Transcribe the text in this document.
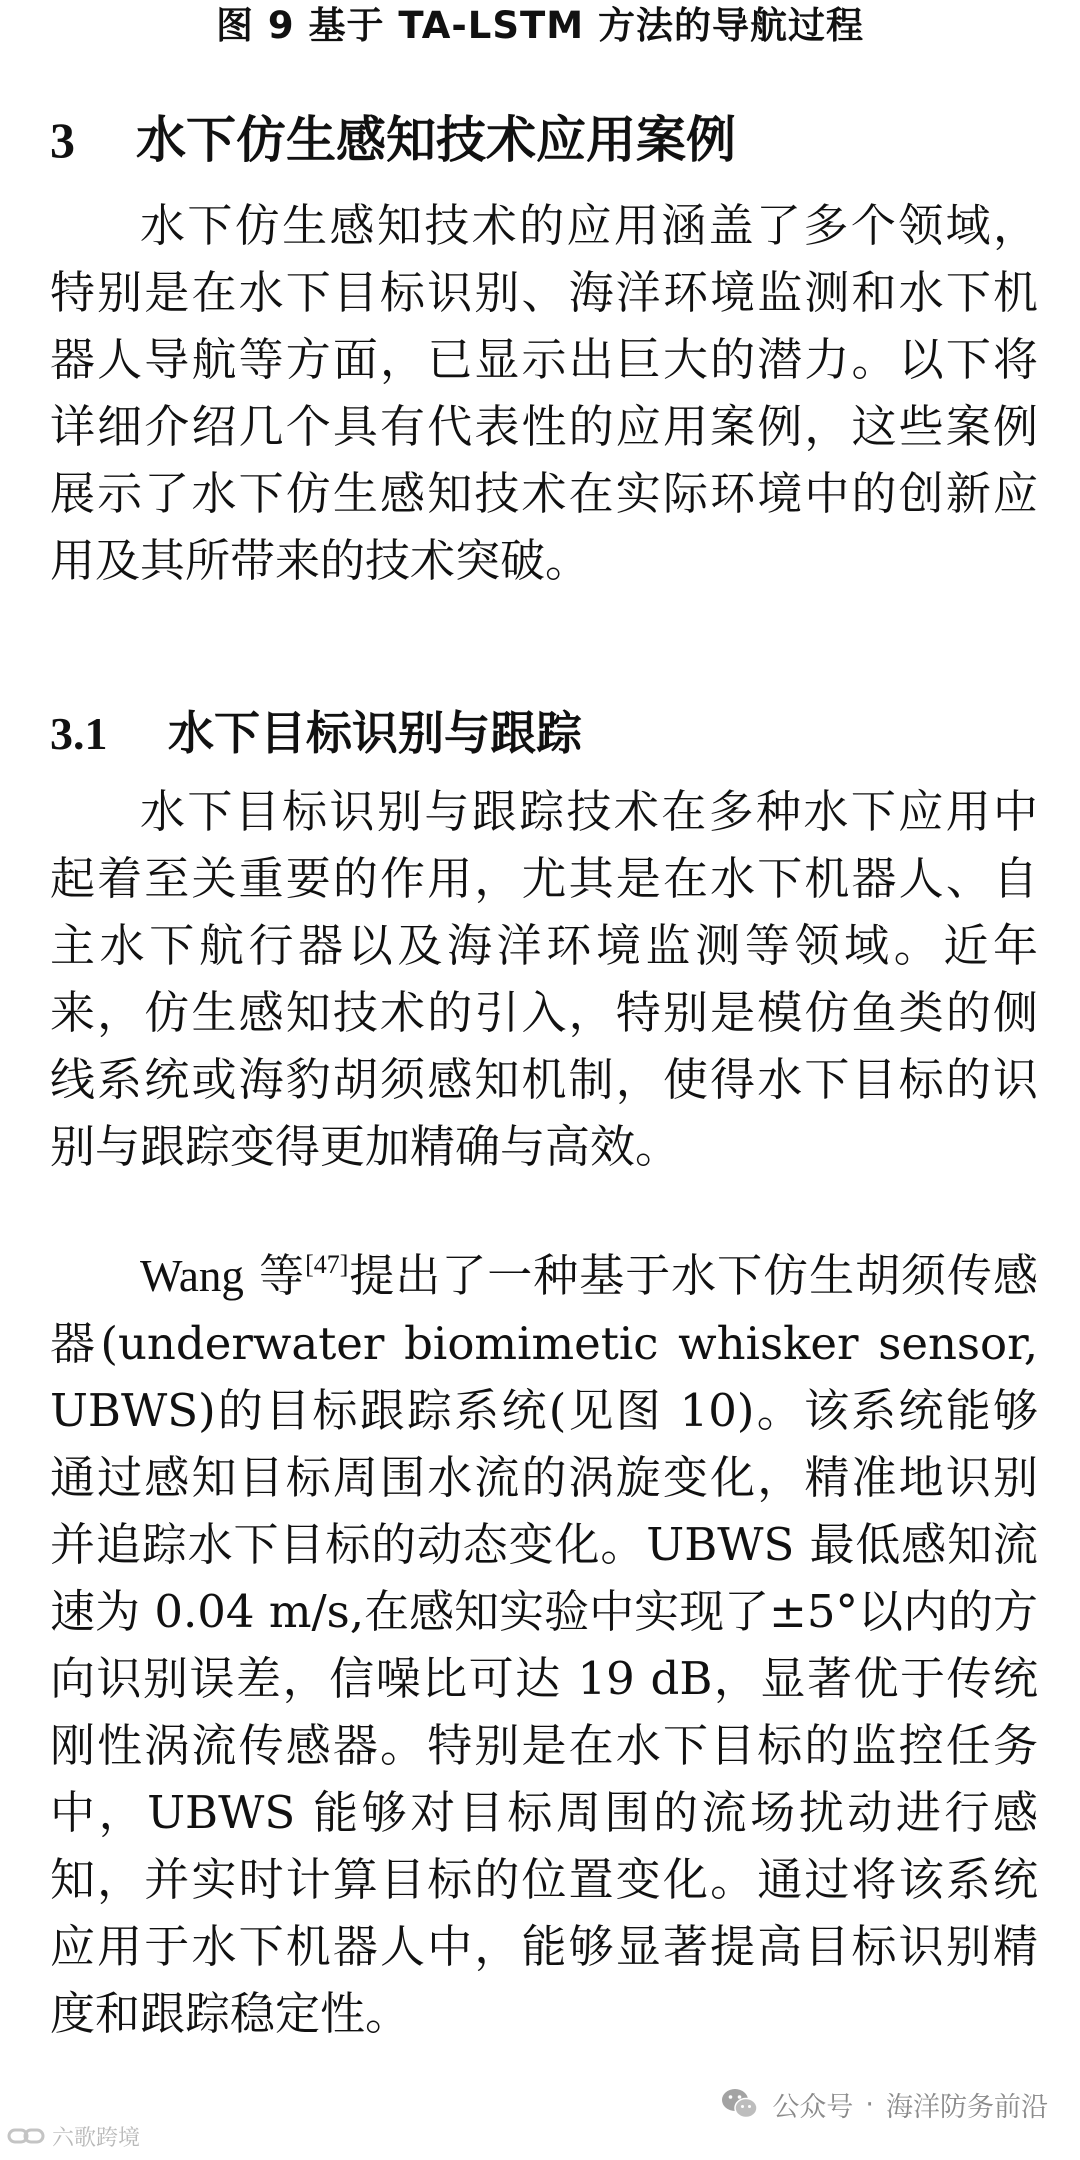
图 9 基于 TA-LSTM 方法的导航过程
3 水下仿生感知技术应用案例

水下仿生感知技术的应用涵盖了多个领域，特别是在水下目标识别、海洋环境监测和水下机器人导航等方面，已显示出巨大的潜力。以下将详细介绍几个具有代表性的应用案例，这些案例展示了水下仿生感知技术在实际环境中的创新应用及其所带来的技术突破。

3.1 水下目标识别与跟踪

水下目标识别与跟踪技术在多种水下应用中起着至关重要的作用，尤其是在水下机器人、自主水下航行器以及海洋环境监测等领域。近年来，仿生感知技术的引入，特别是模仿鱼类的侧线系统或海豹胡须感知机制，使得水下目标的识别与跟踪变得更加精确与高效。

Wang 等[47]提出了一种基于水下仿生胡须传感器(underwater biomimetic whisker sensor, UBWS)的目标跟踪系统(见图 10)。该系统能够通过感知目标周围水流的涡旋变化，精准地识别并追踪水下目标的动态变化。UBWS 最低感知流速为 0.04 m/s,在感知实验中实现了±5°以内的方向识别误差，信噪比可达 19 dB，显著优于传统刚性涡流传感器。特别是在水下目标的监控任务中，UBWS 能够对目标周围的流场扰动进行感知，并实时计算目标的位置变化。通过将该系统应用于水下机器人中，能够显著提高目标识别精度和跟踪稳定性。

公众号 · 海洋防务前沿
六歌跨境
